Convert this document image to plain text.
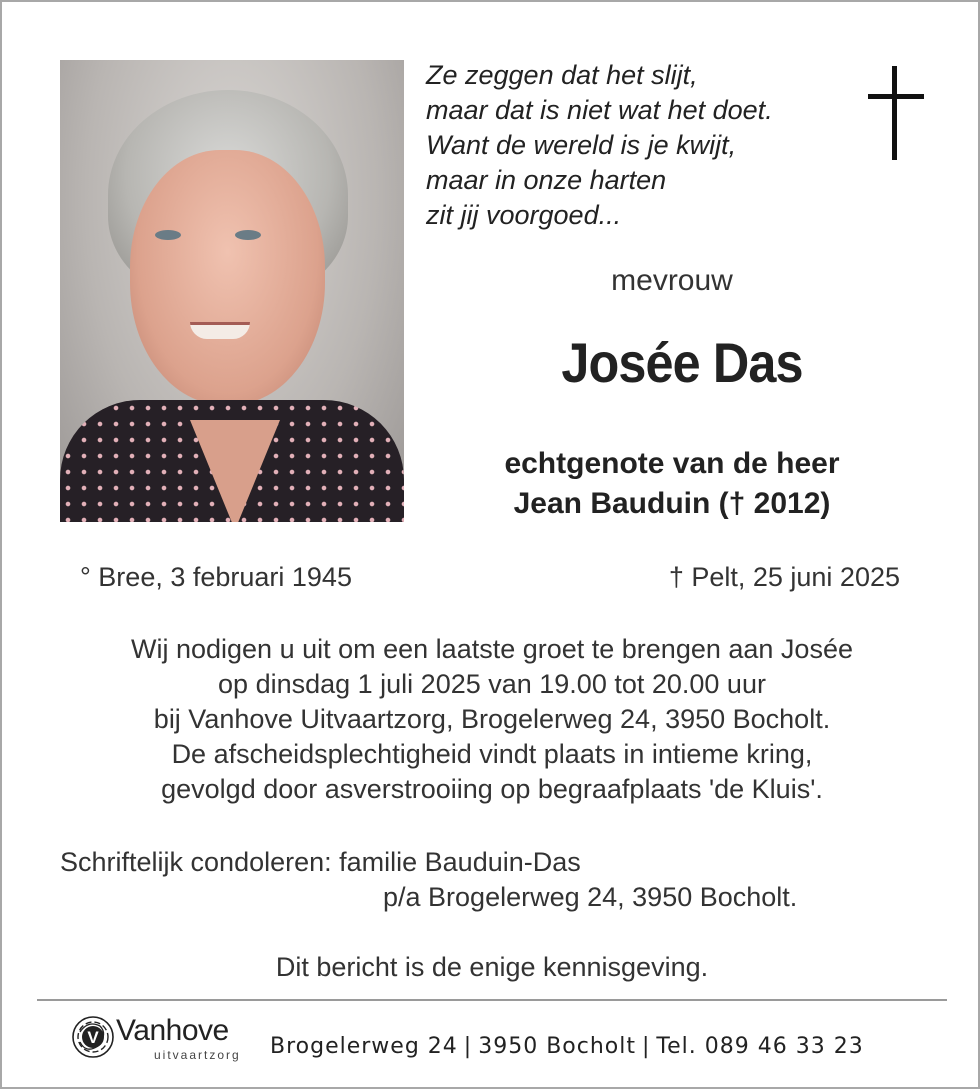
Ze zeggen dat het slijt,
maar dat is niet wat het doet.
Want de wereld is je kwijt,
maar in onze harten
zit jij voorgoed...
mevrouw
Josée Das
echtgenote van de heer
Jean Bauduin († 2012)
° Bree, 3 februari 1945	† Pelt, 25 juni 2025
Wij nodigen u uit om een laatste groet te brengen aan Josée
op dinsdag 1 juli 2025 van 19.00 tot 20.00 uur
bij Vanhove Uitvaartzorg, Brogelerweg 24, 3950 Bocholt.
De afscheidsplechtigheid vindt plaats in intieme kring,
gevolgd door asverstrooiing op begraafplaats 'de Kluis'.
Schriftelijk condoleren: familie Bauduin-Das
p/a Brogelerweg 24, 3950 Bocholt.
Dit bericht is de enige kennisgeving.
V Vanhove
uitvaartzorg Brogelerweg 24 | 3950 Bocholt | Tel. 089 46 33 23
